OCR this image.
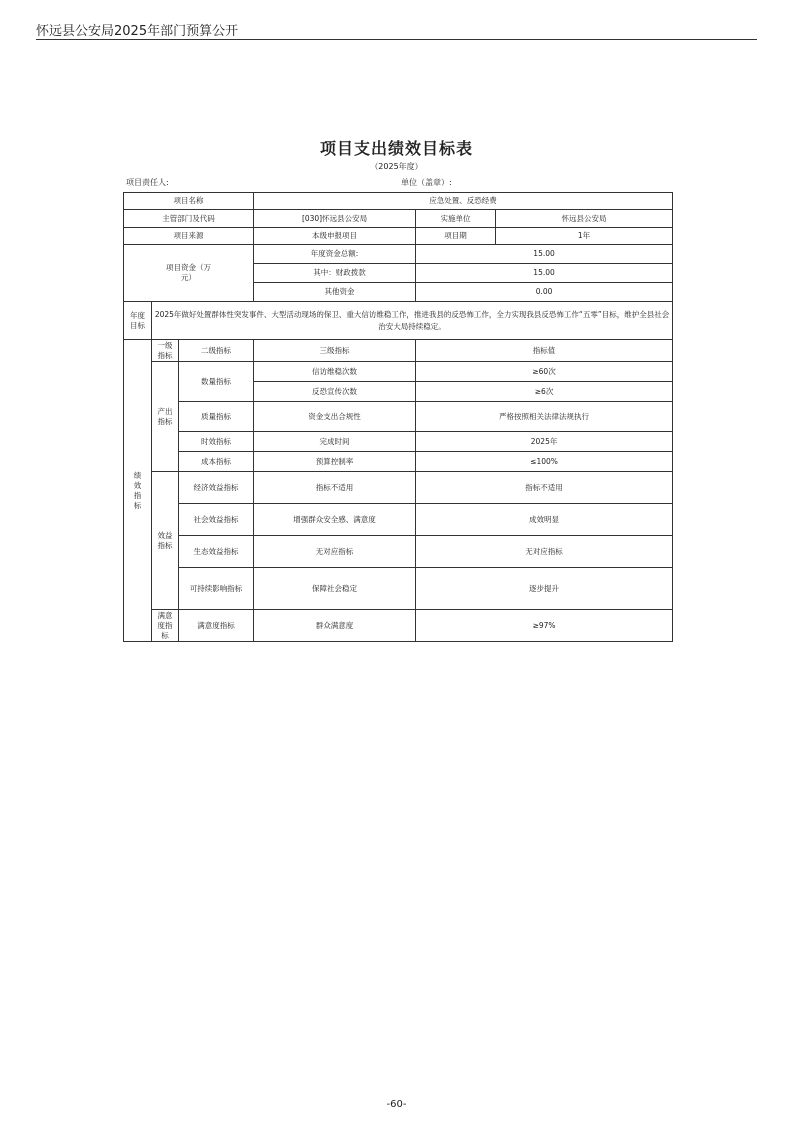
怀远县公安局2025年部门预算公开
项目支出绩效目标表
（2025年度）
项目责任人:	单位（盖章）:
项目名称			应急处置、反恐经费		
主管部门及代码			[030]怀远县公安局	实施单位	怀远县公安局
项目来源			本级申报项目	项目期	1年
项目资金（万元）			年度资金总额:	15.00	
			其中：财政拨款	15.00	
			其他资金	0.00	
年度目标	2025年做好处置群体性突发事件、大型活动现场的保卫、重大信访维稳工作，推进我县的反恐怖工作，全力实现我县反恐怖工作“五零”目标，维护全县社会治安大局持续稳定。				
绩效指标	一级指标	二级指标	三级指标	指标值	
	产出指标	数量指标	信访维稳次数	≥60次	
			反恐宣传次数	≥6次	
		质量指标	资金支出合规性	严格按照相关法律法规执行	
		时效指标	完成时间	2025年	
		成本指标	预算控制率	≤100%	
	效益指标	经济效益指标	指标不适用	指标不适用	
		社会效益指标	增强群众安全感、满意度	成效明显	
		生态效益指标	无对应指标	无对应指标	
		可持续影响指标	保障社会稳定	逐步提升	
	满意度指标	满意度指标	群众满意度	≥97%	
-60-
